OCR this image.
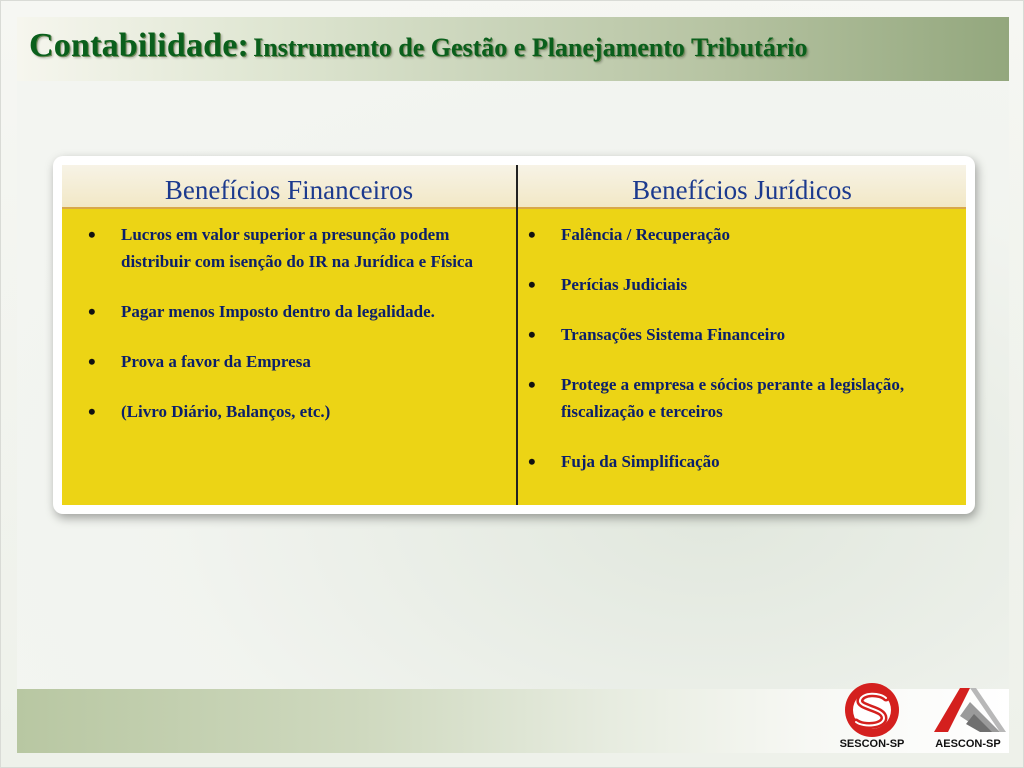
Contabilidade: Instrumento de Gestão e Planejamento Tributário
Benefícios Financeiros	Benefícios Jurídicos
• Lucros em valor superior a presunção podem distribuir com isenção do IR na Jurídica e Física
• Pagar menos Imposto dentro da legalidade.
• Prova a favor da Empresa
• (Livro Diário, Balanços, etc.)
• Falência / Recuperação
• Perícias Judiciais
• Transações Sistema Financeiro
• Protege a empresa e sócios perante a legislação, fiscalização e terceiros
• Fuja da Simplificação
SESCON-SP	AESCON-SP
